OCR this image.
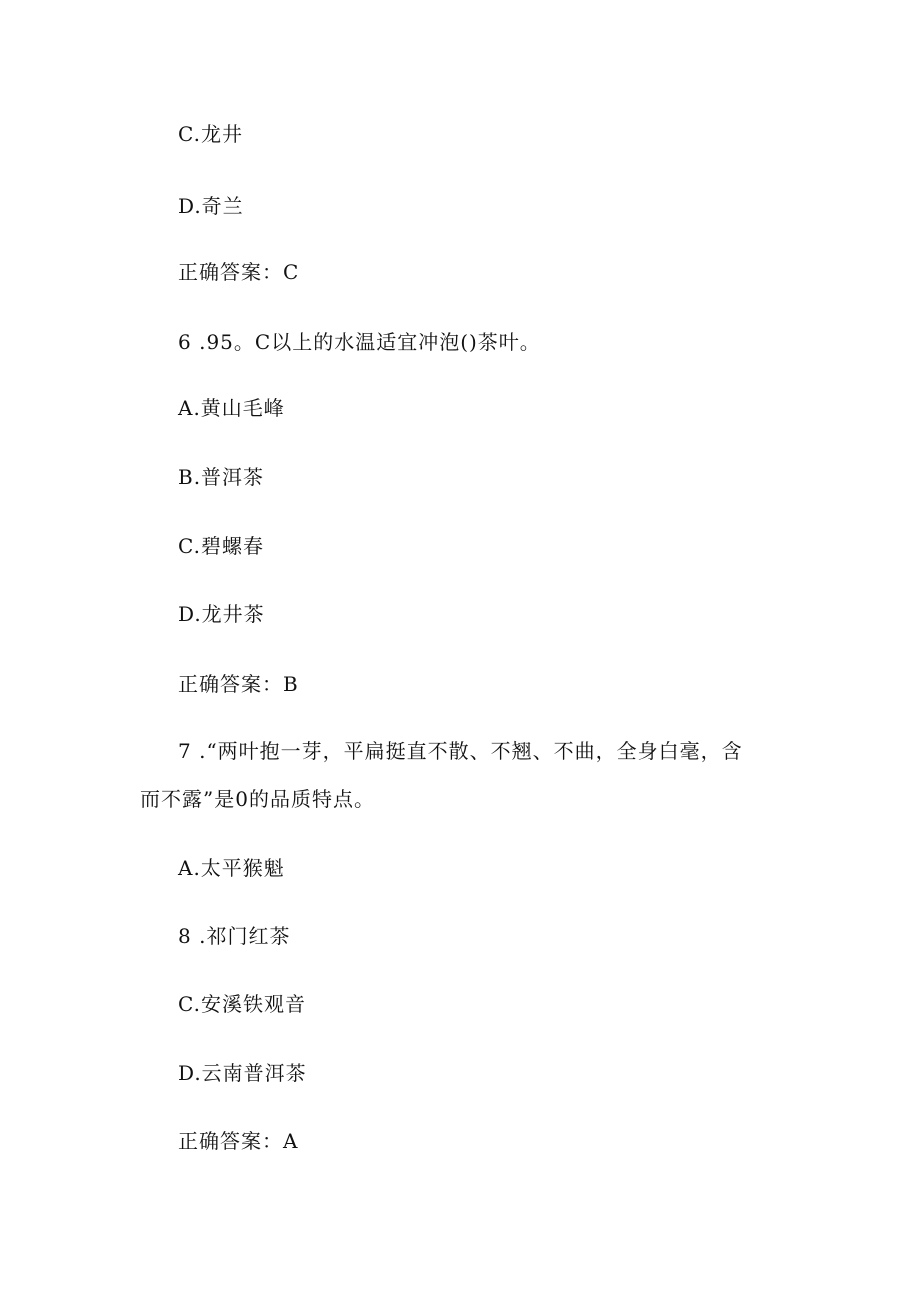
C.龙井
D.奇兰
正确答案：C
6 .95。C以上的水温适宜冲泡()茶叶。
A.黄山毛峰
B.普洱茶
C.碧螺春
D.龙井茶
正确答案：B
7 .“两叶抱一芽，平扁挺直不散、不翘、不曲，全身白毫，含
而不露”是0的品质特点。
A.太平猴魁
8 .祁门红茶
C.安溪铁观音
D.云南普洱茶
正确答案：A
